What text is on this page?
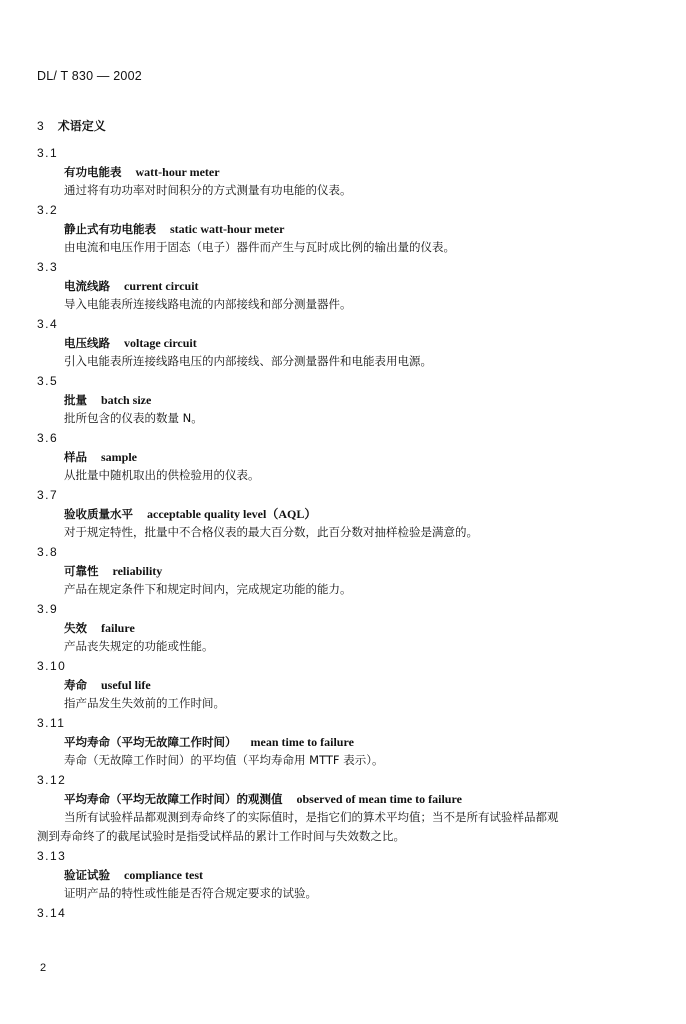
DL/ T 830 — 2002
3 术语定义
3.1
有功电能表 watt-hour meter
通过将有功功率对时间积分的方式测量有功电能的仪表。
3.2
静止式有功电能表 static watt-hour meter
由电流和电压作用于固态（电子）器件而产生与瓦时成比例的输出量的仪表。
3.3
电流线路 current circuit
导入电能表所连接线路电流的内部接线和部分测量器件。
3.4
电压线路 voltage circuit
引入电能表所连接线路电压的内部接线、部分测量器件和电能表用电源。
3.5
批量 batch size
批所包含的仪表的数量 N。
3.6
样品 sample
从批量中随机取出的供检验用的仪表。
3.7
验收质量水平 acceptable quality level（AQL）
对于规定特性，批量中不合格仪表的最大百分数，此百分数对抽样检验是满意的。
3.8
可靠性 reliability
产品在规定条件下和规定时间内，完成规定功能的能力。
3.9
失效 failure
产品丧失规定的功能或性能。
3.10
寿命 useful life
指产品发生失效前的工作时间。
3.11
平均寿命（平均无故障工作时间） mean time to failure
寿命（无故障工作时间）的平均值（平均寿命用 MTTF 表示）。
3.12
平均寿命（平均无故障工作时间）的观测值 observed of mean time to failure
当所有试验样品都观测到寿命终了的实际值时，是指它们的算术平均值；当不是所有试验样品都观
测到寿命终了的截尾试验时是指受试样品的累计工作时间与失效数之比。
3.13
验证试验 compliance test
证明产品的特性或性能是否符合规定要求的试验。
3.14
2
